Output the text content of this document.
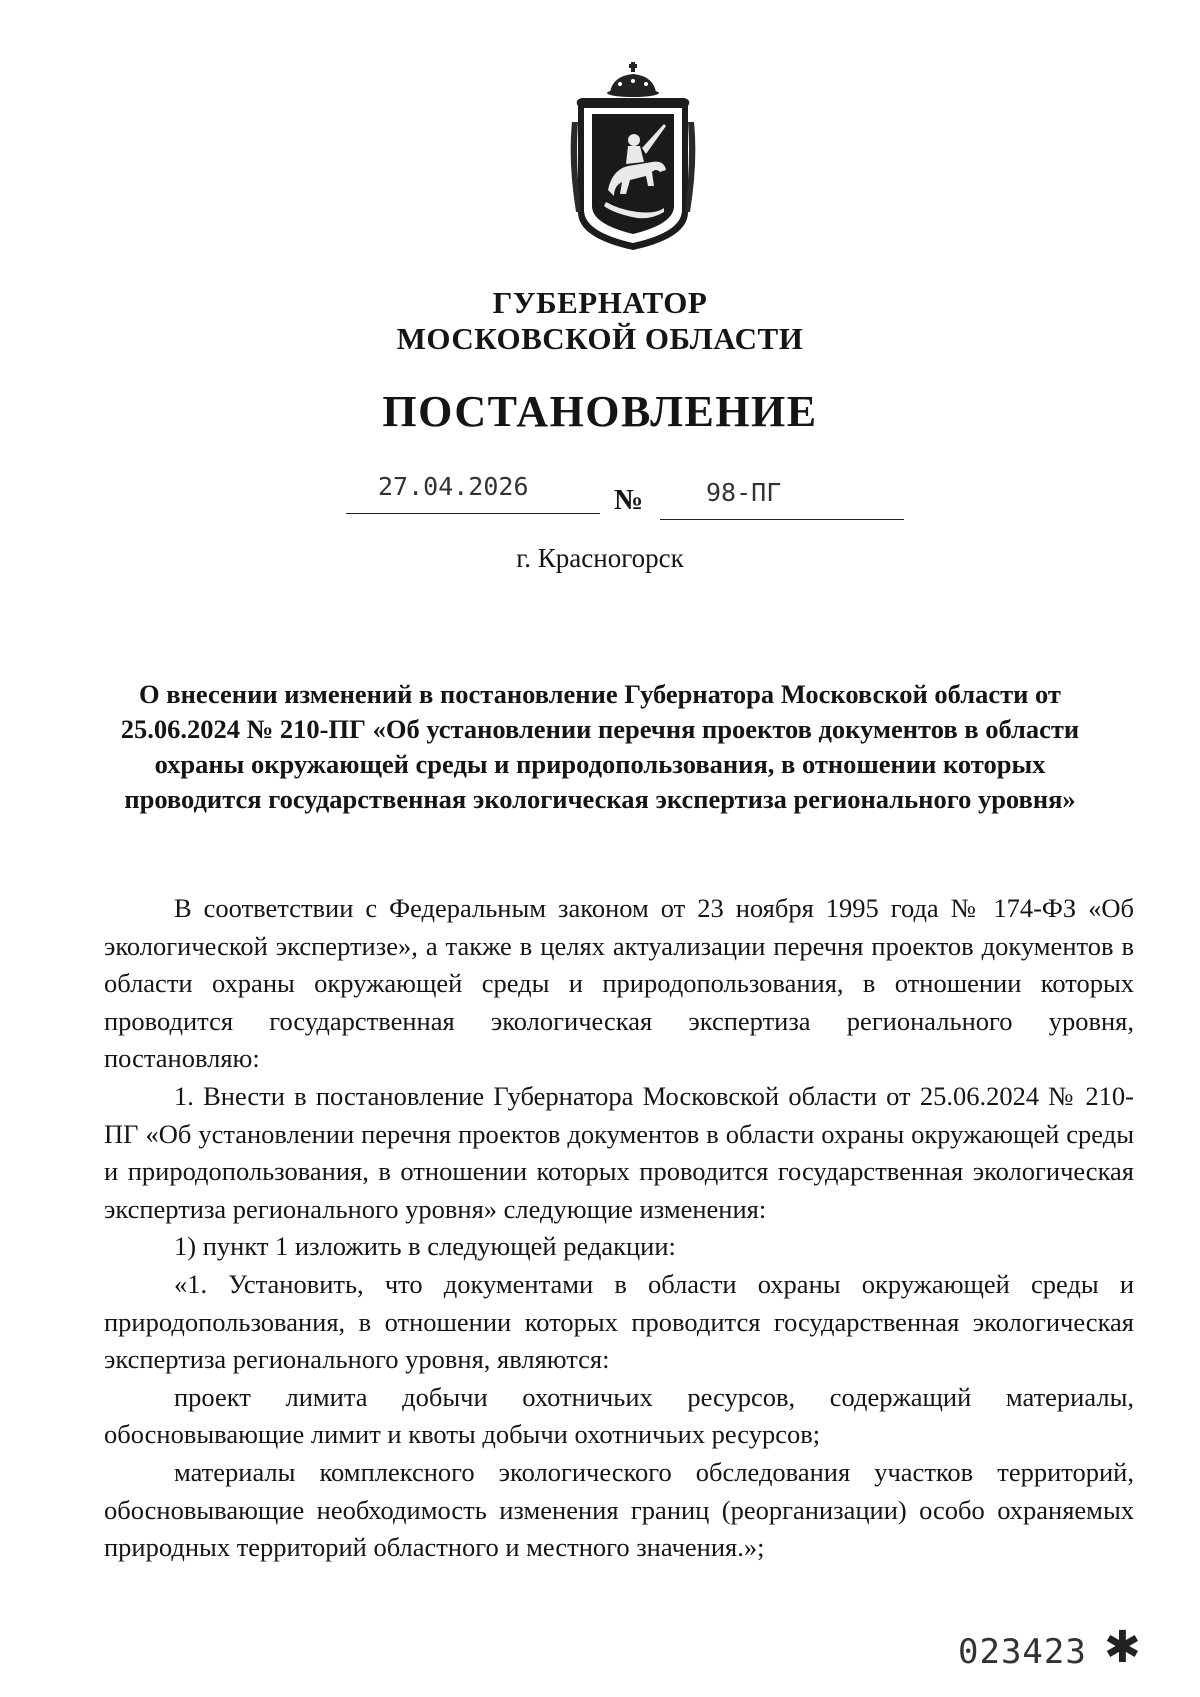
ГУБЕРНАТОР
МОСКОВСКОЙ ОБЛАСТИ
ПОСТАНОВЛЕНИЕ
27.04.2026	№	98-ПГ
г. Красногорск
О внесении изменений в постановление Губернатора Московской области от 25.06.2024 № 210-ПГ «Об установлении перечня проектов документов в области охраны окружающей среды и природопользования, в отношении которых проводится государственная экологическая экспертиза регионального уровня»

В соответствии с Федеральным законом от 23 ноября 1995 года № 174-ФЗ «Об экологической экспертизе», а также в целях актуализации перечня проектов документов в области охраны окружающей среды и природопользования, в отношении которых проводится государственная экологическая экспертиза регионального уровня, постановляю:

1. Внести в постановление Губернатора Московской области от 25.06.2024 № 210-ПГ «Об установлении перечня проектов документов в области охраны окружающей среды и природопользования, в отношении которых проводится государственная экологическая экспертиза регионального уровня» следующие изменения:

1) пункт 1 изложить в следующей редакции:

«1. Установить, что документами в области охраны окружающей среды и природопользования, в отношении которых проводится государственная экологическая экспертиза регионального уровня, являются:

проект лимита добычи охотничьих ресурсов, содержащий материалы, обосновывающие лимит и квоты добычи охотничьих ресурсов;

материалы комплексного экологического обследования участков территорий, обосновывающие необходимость изменения границ (реорганизации) особо охраняемых природных территорий областного и местного значения.»;

023423 ✱
